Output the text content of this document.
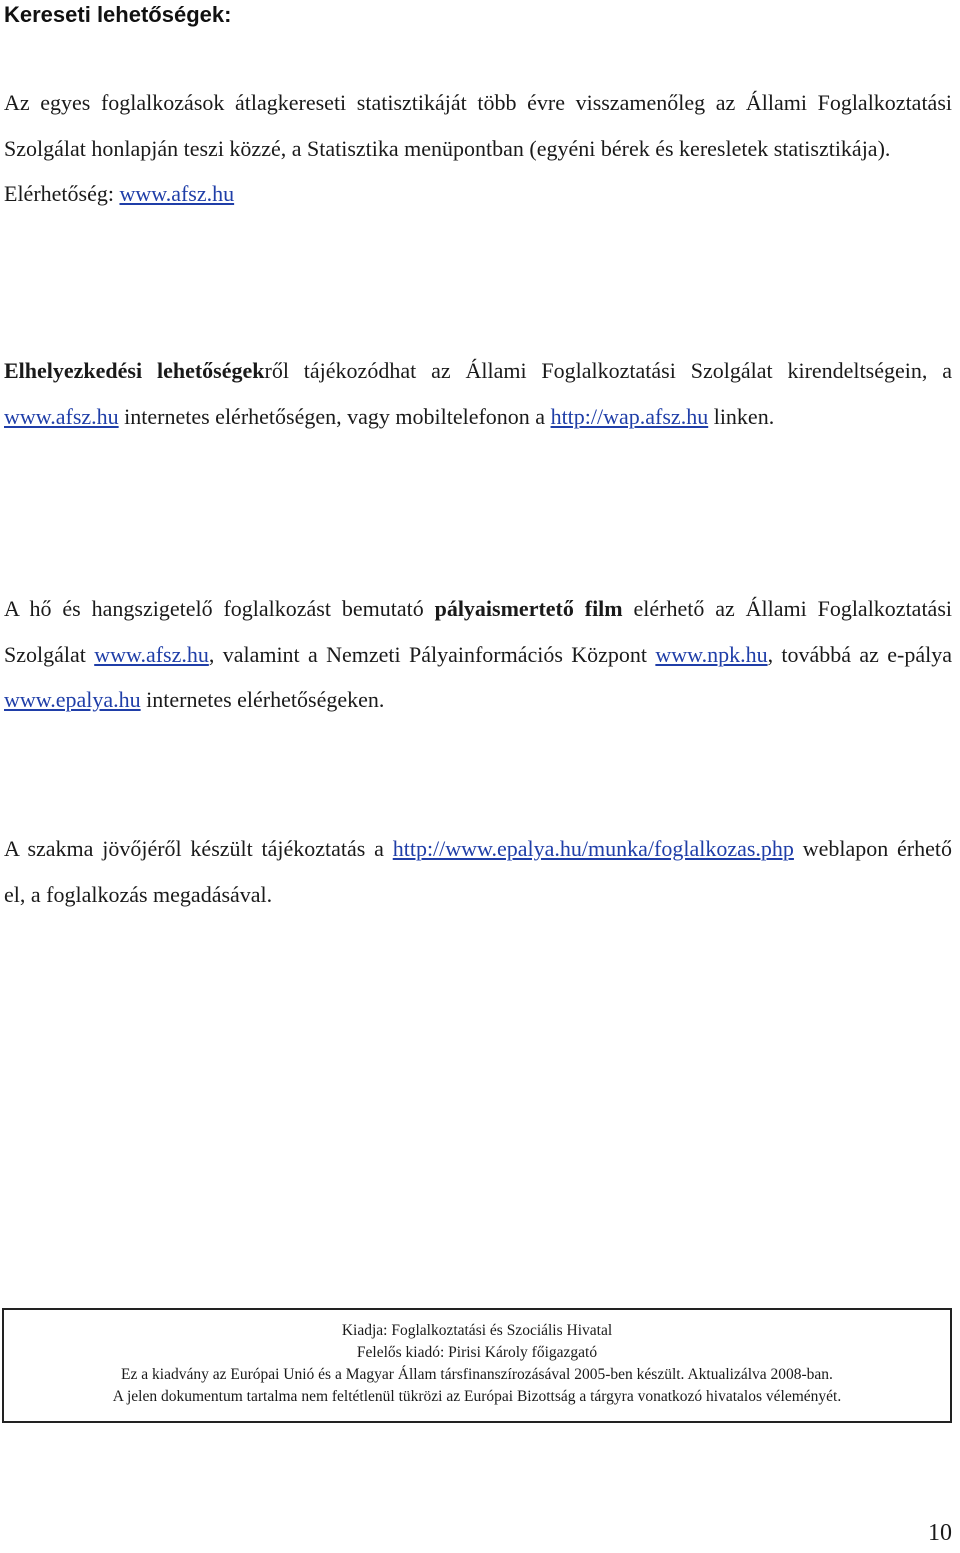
Kereseti lehetőségek:

Az egyes foglalkozások átlagkereseti statisztikáját több évre visszamenőleg az Állami Foglalkoztatási Szolgálat honlapján teszi közzé, a Statisztika menüpontban (egyéni bérek és keresletek statisztikája).
Elérhetőség: www.afsz.hu

Elhelyezkedési lehetőségekről tájékozódhat az Állami Foglalkoztatási Szolgálat kirendeltségein, a www.afsz.hu internetes elérhetőségen, vagy mobiltelefonon a http://wap.afsz.hu linken.

A hő és hangszigetelő foglalkozást bemutató pályaismertető film elérhető az Állami Foglalkoztatási Szolgálat www.afsz.hu, valamint a Nemzeti Pályainformációs Központ www.npk.hu, továbbá az e-pálya www.epalya.hu internetes elérhetőségeken.

A szakma jövőjéről készült tájékoztatás a http://www.epalya.hu/munka/foglalkozas.php weblapon érhető el, a foglalkozás megadásával.

Kiadja: Foglalkoztatási és Szociális Hivatal
Felelős kiadó: Pirisi Károly főigazgató
Ez a kiadvány az Európai Unió és a Magyar Állam társfinanszírozásával 2005-ben készült. Aktualizálva 2008-ban.
A jelen dokumentum tartalma nem feltétlenül tükrözi az Európai Bizottság a tárgyra vonatkozó hivatalos véleményét.
10
